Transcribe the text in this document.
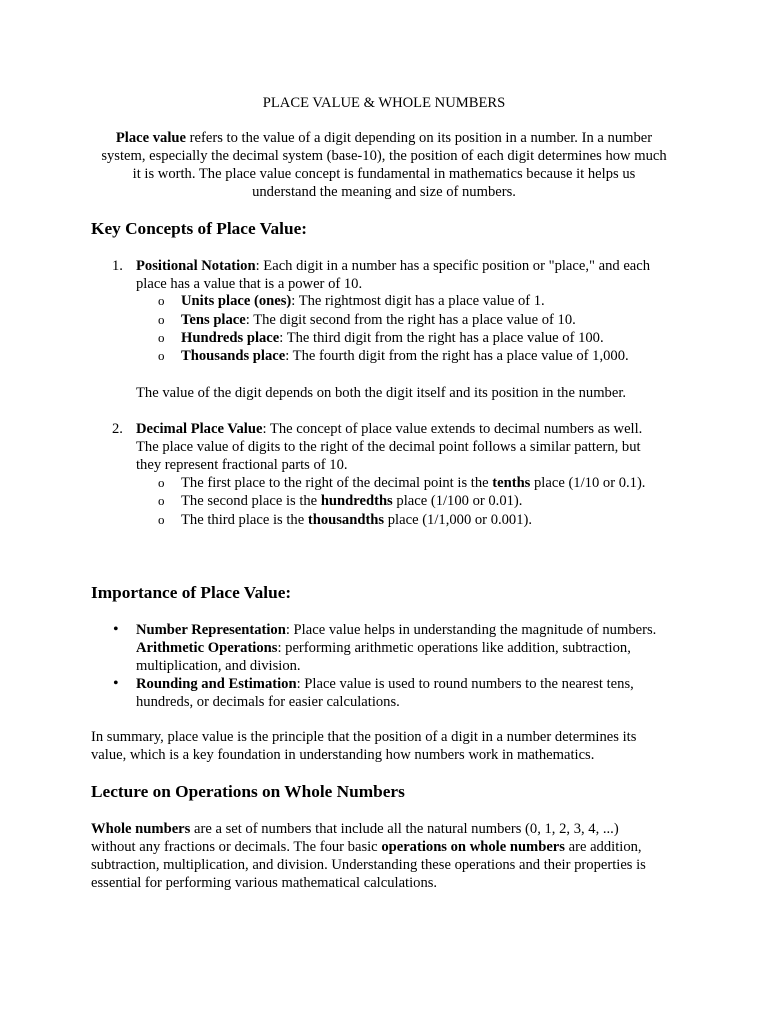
PLACE VALUE & WHOLE NUMBERS

Place value refers to the value of a digit depending on its position in a number. In a number

system, especially the decimal system (base-10), the position of each digit determines how much

it is worth. The place value concept is fundamental in mathematics because it helps us

understand the meaning and size of numbers.

Key Concepts of Place Value:
1. Positional Notation: Each digit in a number has a specific position or "place," and each

place has a value that is a power of 10.

o Units place (ones): The rightmost digit has a place value of 1.

o Tens place: The digit second from the right has a place value of 10.

o Hundreds place: The third digit from the right has a place value of 100.

o Thousands place: The fourth digit from the right has a place value of 1,000.

The value of the digit depends on both the digit itself and its position in the number.

2. Decimal Place Value: The concept of place value extends to decimal numbers as well.

The place value of digits to the right of the decimal point follows a similar pattern, but

they represent fractional parts of 10.

o The first place to the right of the decimal point is the tenths place (1/10 or 0.1).

o The second place is the hundredths place (1/100 or 0.01).

o The third place is the thousandths place (1/1,000 or 0.001).

Importance of Place Value:
• Number Representation: Place value helps in understanding the magnitude of numbers.

Arithmetic Operations: performing arithmetic operations like addition, subtraction,

multiplication, and division.

• Rounding and Estimation: Place value is used to round numbers to the nearest tens,

hundreds, or decimals for easier calculations.

In summary, place value is the principle that the position of a digit in a number determines its

value, which is a key foundation in understanding how numbers work in mathematics.

Lecture on Operations on Whole Numbers

Whole numbers are a set of numbers that include all the natural numbers (0, 1, 2, 3, 4, ...)

without any fractions or decimals. The four basic operations on whole numbers are addition,

subtraction, multiplication, and division. Understanding these operations and their properties is

essential for performing various mathematical calculations.
